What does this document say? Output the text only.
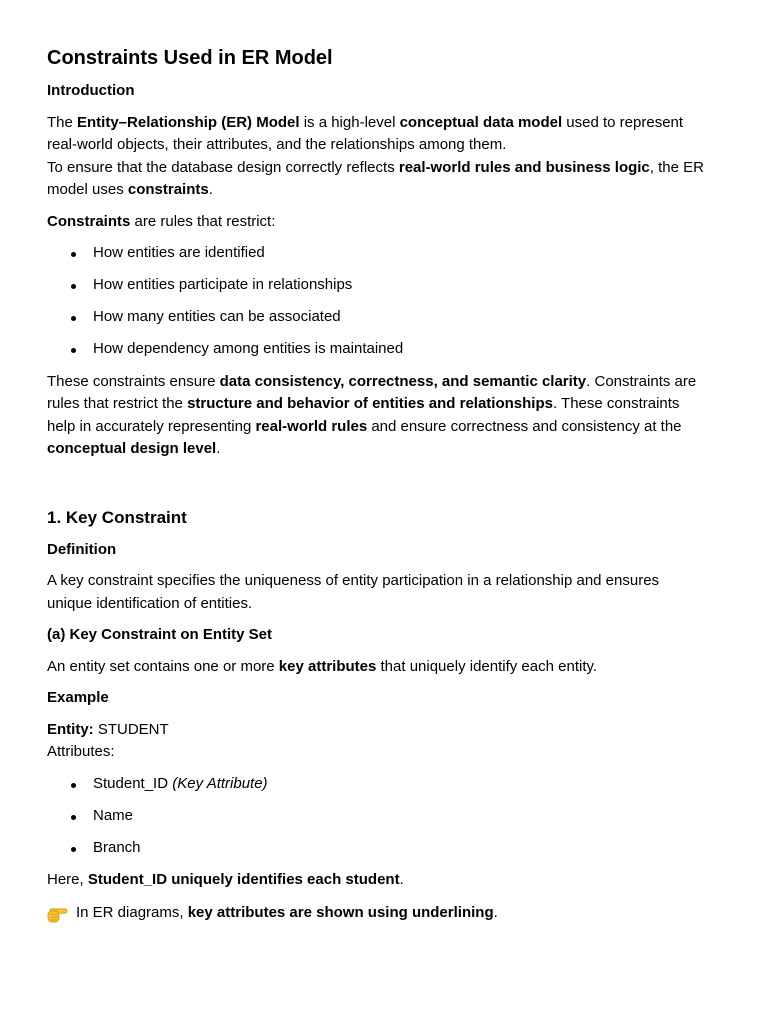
Constraints Used in ER Model
Introduction

The Entity–Relationship (ER) Model is a high-level conceptual data model used to represent real-world objects, their attributes, and the relationships among them.
To ensure that the database design correctly reflects real-world rules and business logic, the ER model uses constraints.

Constraints are rules that restrict:

How entities are identified
How entities participate in relationships
How many entities can be associated
How dependency among entities is maintained

These constraints ensure data consistency, correctness, and semantic clarity. Constraints are rules that restrict the structure and behavior of entities and relationships. These constraints help in accurately representing real-world rules and ensure correctness and consistency at the conceptual design level.

1. Key Constraint
Definition

A key constraint specifies the uniqueness of entity participation in a relationship and ensures unique identification of entities.

(a) Key Constraint on Entity Set

An entity set contains one or more key attributes that uniquely identify each entity.

Example

Entity: STUDENT
Attributes:

Student_ID (Key Attribute)
Name
Branch

Here, Student_ID uniquely identifies each student.

In ER diagrams, key attributes are shown using underlining.
